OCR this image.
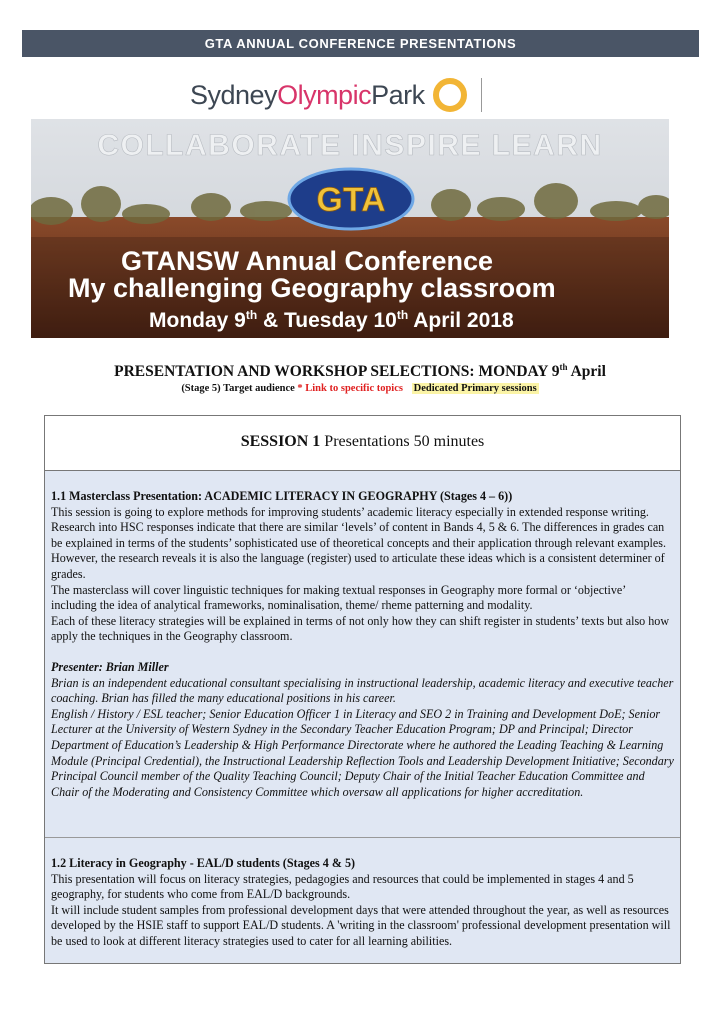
GTA ANNUAL CONFERENCE PRESENTATIONS
SydneyOlympicPark
COLLABORATE INSPIRE LEARN
GTA
GTANSW Annual Conference
My challenging Geography classroom
Monday 9th & Tuesday 10th April 2018
PRESENTATION AND WORKSHOP SELECTIONS: MONDAY 9th April
(Stage 5) Target audience * Link to specific topics Dedicated Primary sessions
SESSION 1 Presentations 50 minutes

1.1 Masterclass Presentation: ACADEMIC LITERACY IN GEOGRAPHY (Stages 4 – 6))

This session is going to explore methods for improving students’ academic literacy especially in extended response writing.

Research into HSC responses indicate that there are similar ‘levels’ of content in Bands 4, 5 & 6. The differences in grades can be explained in terms of the students’ sophisticated use of theoretical concepts and their application through relevant examples. However, the research reveals it is also the language (register) used to articulate these ideas which is a consistent determiner of grades.

The masterclass will cover linguistic techniques for making textual responses in Geography more formal or ‘objective’ including the idea of analytical frameworks, nominalisation, theme/ rheme patterning and modality.

Each of these literacy strategies will be explained in terms of not only how they can shift register in students’ texts but also how apply the techniques in the Geography classroom.

Presenter: Brian Miller

Brian is an independent educational consultant specialising in instructional leadership, academic literacy and executive teacher coaching. Brian has filled the many educational positions in his career.

English / History / ESL teacher; Senior Education Officer 1 in Literacy and SEO 2 in Training and Development DoE; Senior Lecturer at the University of Western Sydney in the Secondary Teacher Education Program; DP and Principal; Director Department of Education’s Leadership & High Performance Directorate where he authored the Leading Teaching & Learning Module (Principal Credential), the Instructional Leadership Reflection Tools and Leadership Development Initiative; Secondary Principal Council member of the Quality Teaching Council; Deputy Chair of the Initial Teacher Education Committee and Chair of the Moderating and Consistency Committee which oversaw all applications for higher accreditation.

1.2 Literacy in Geography - EAL/D students (Stages 4 & 5)

This presentation will focus on literacy strategies, pedagogies and resources that could be implemented in stages 4 and 5 geography, for students who come from EAL/D backgrounds.

It will include student samples from professional development days that were attended throughout the year, as well as resources developed by the HSIE staff to support EAL/D students. A 'writing in the classroom' professional development presentation will be used to look at different literacy strategies used to cater for all learning abilities.
